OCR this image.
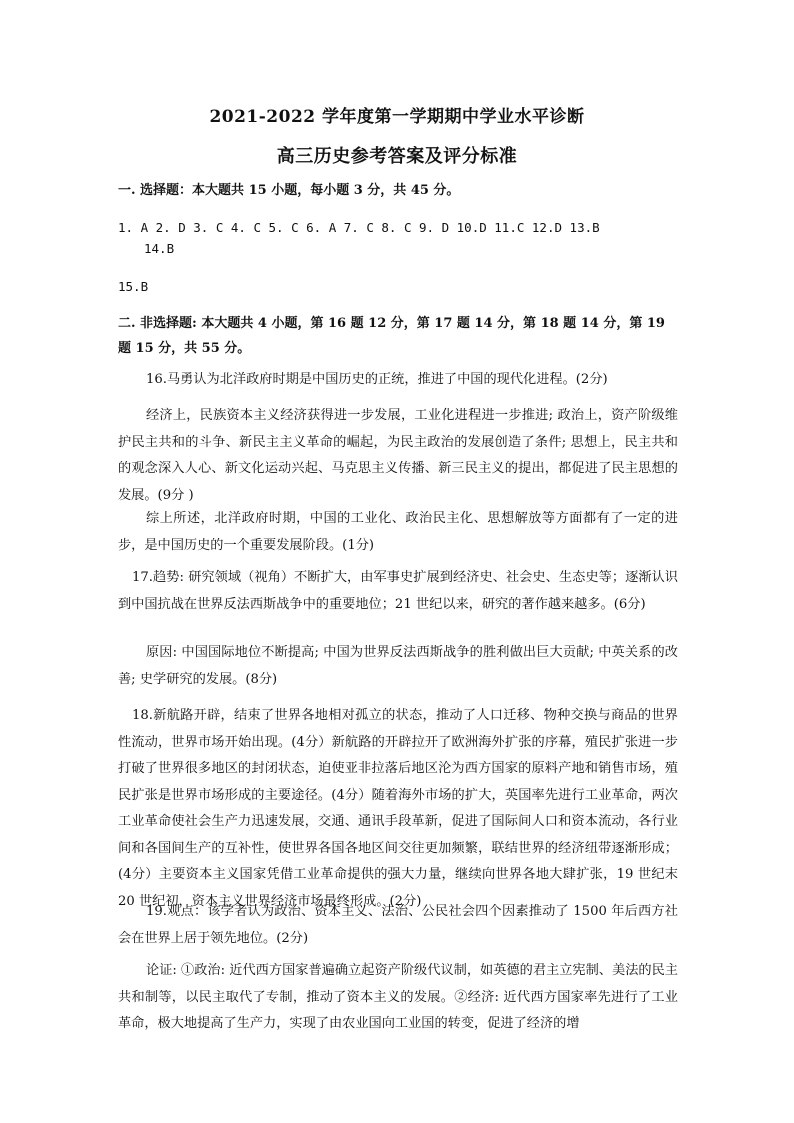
2021-2022 学年度第一学期期中学业水平诊断
高三历史参考答案及评分标准
一. 选择题：本大题共 15 小题，每小题 3 分，共 45 分。
1. A 2. D 3. C 4. C 5. C 6. A 7. C 8. C 9. D 10.D 11.C 12.D 13.B
14.B
15.B
二. 非选择题: 本大题共 4 小题，第 16 题 12 分，第 17 题 14 分，第 18 题 14 分，第 19 题 15 分，共 55 分。
16.马勇认为北洋政府时期是中国历史的正统，推进了中国的现代化进程。(2分)
经济上，民族资本主义经济获得进一步发展，工业化进程进一步推进; 政治上，资产阶级维护民主共和的斗争、新民主主义革命的崛起，为民主政治的发展创造了条件; 思想上，民主共和的观念深入人心、新文化运动兴起、马克思主义传播、新三民主义的提出，都促进了民主思想的发展。(9分 )
综上所述，北洋政府时期，中国的工业化、政治民主化、思想解放等方面都有了一定的进步，是中国历史的一个重要发展阶段。(1分)
17.趋势: 研究领域（视角）不断扩大，由军事史扩展到经济史、社会史、生态史等；逐渐认识到中国抗战在世界反法西斯战争中的重要地位；21 世纪以来，研究的著作越来越多。(6分)
原因: 中国国际地位不断提高; 中国为世界反法西斯战争的胜利做出巨大贡献; 中英关系的改善; 史学研究的发展。(8分)
18.新航路开辟，结束了世界各地相对孤立的状态，推动了人口迁移、物种交换与商品的世界性流动，世界市场开始出现。(4分）新航路的开辟拉开了欧洲海外扩张的序幕，殖民扩张进一步打破了世界很多地区的封闭状态，迫使亚非拉落后地区沦为西方国家的原料产地和销售市场，殖民扩张是世界市场形成的主要途径。(4分）随着海外市场的扩大，英国率先进行工业革命，两次工业革命使社会生产力迅速发展，交通、通讯手段革新，促进了国际间人口和资本流动，各行业间和各国间生产的互补性，使世界各国各地区间交往更加频繁，联结世界的经济纽带逐渐形成；(4分）主要资本主义国家凭借工业革命提供的强大力量，继续向世界各地大肆扩张，19 世纪末 20 世纪初，资本主义世界经济市场最终形成。(2分)
19.观点：该学者认为政治、资本主义、法治、公民社会四个因素推动了 1500 年后西方社会在世界上居于领先地位。(2分)
论证: ①政治: 近代西方国家普遍确立起资产阶级代议制，如英德的君主立宪制、美法的民主共和制等，以民主取代了专制，推动了资本主义的发展。②经济: 近代西方国家率先进行了工业革命，极大地提高了生产力，实现了由农业国向工业国的转变，促进了经济的增
